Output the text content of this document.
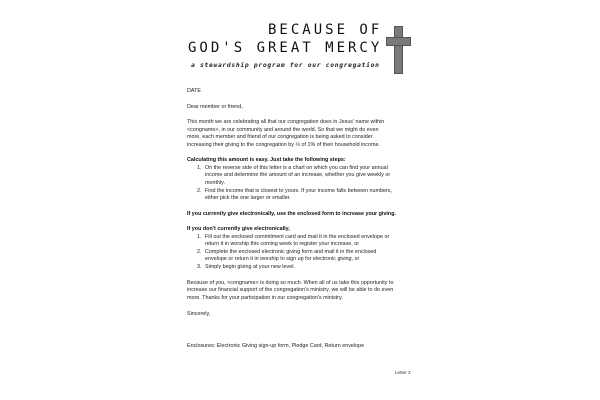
BECAUSE OF
GOD'S GREAT MERCY
a stewardship program for our congregation
DATE
Dear member or friend,
This month we are celebrating all that our congregation does in Jesus' name within
<congname>, in our community and around the world. So that we might do even
more, each member and friend of our congregation is being asked to consider
increasing their giving to the congregation by ½ of 1% of their household income.
Calculating this amount is easy. Just take the following steps:
1. On the reverse side of this letter is a chart on which you can find your annual
income and determine the amount of an increase, whether you give weekly or
monthly.
2. Find the income that is closest to yours. If your income falls between numbers,
either pick the one larger or smaller.
If you currently give electronically, use the enclosed form to increase your giving.
If you don't currently give electronically,
1. Fill out the enclosed commitment card and mail it in the enclosed envelope or
return it in worship this coming week to register your increase, or
2. Complete the enclosed electronic giving form and mail it in the enclosed
envelope or return it in worship to sign up for electronic giving, or
3. Simply begin giving at your new level.
Because of you, <congname> is doing so much. When all of us take this opportunity to
increase our financial support of the congregation's ministry, we will be able to do even
more. Thanks for your participation in our congregation's ministry.
Sincerely,
Enclosures: Electronic Giving sign-up form, Pledge Card, Return envelope
Letter 3
